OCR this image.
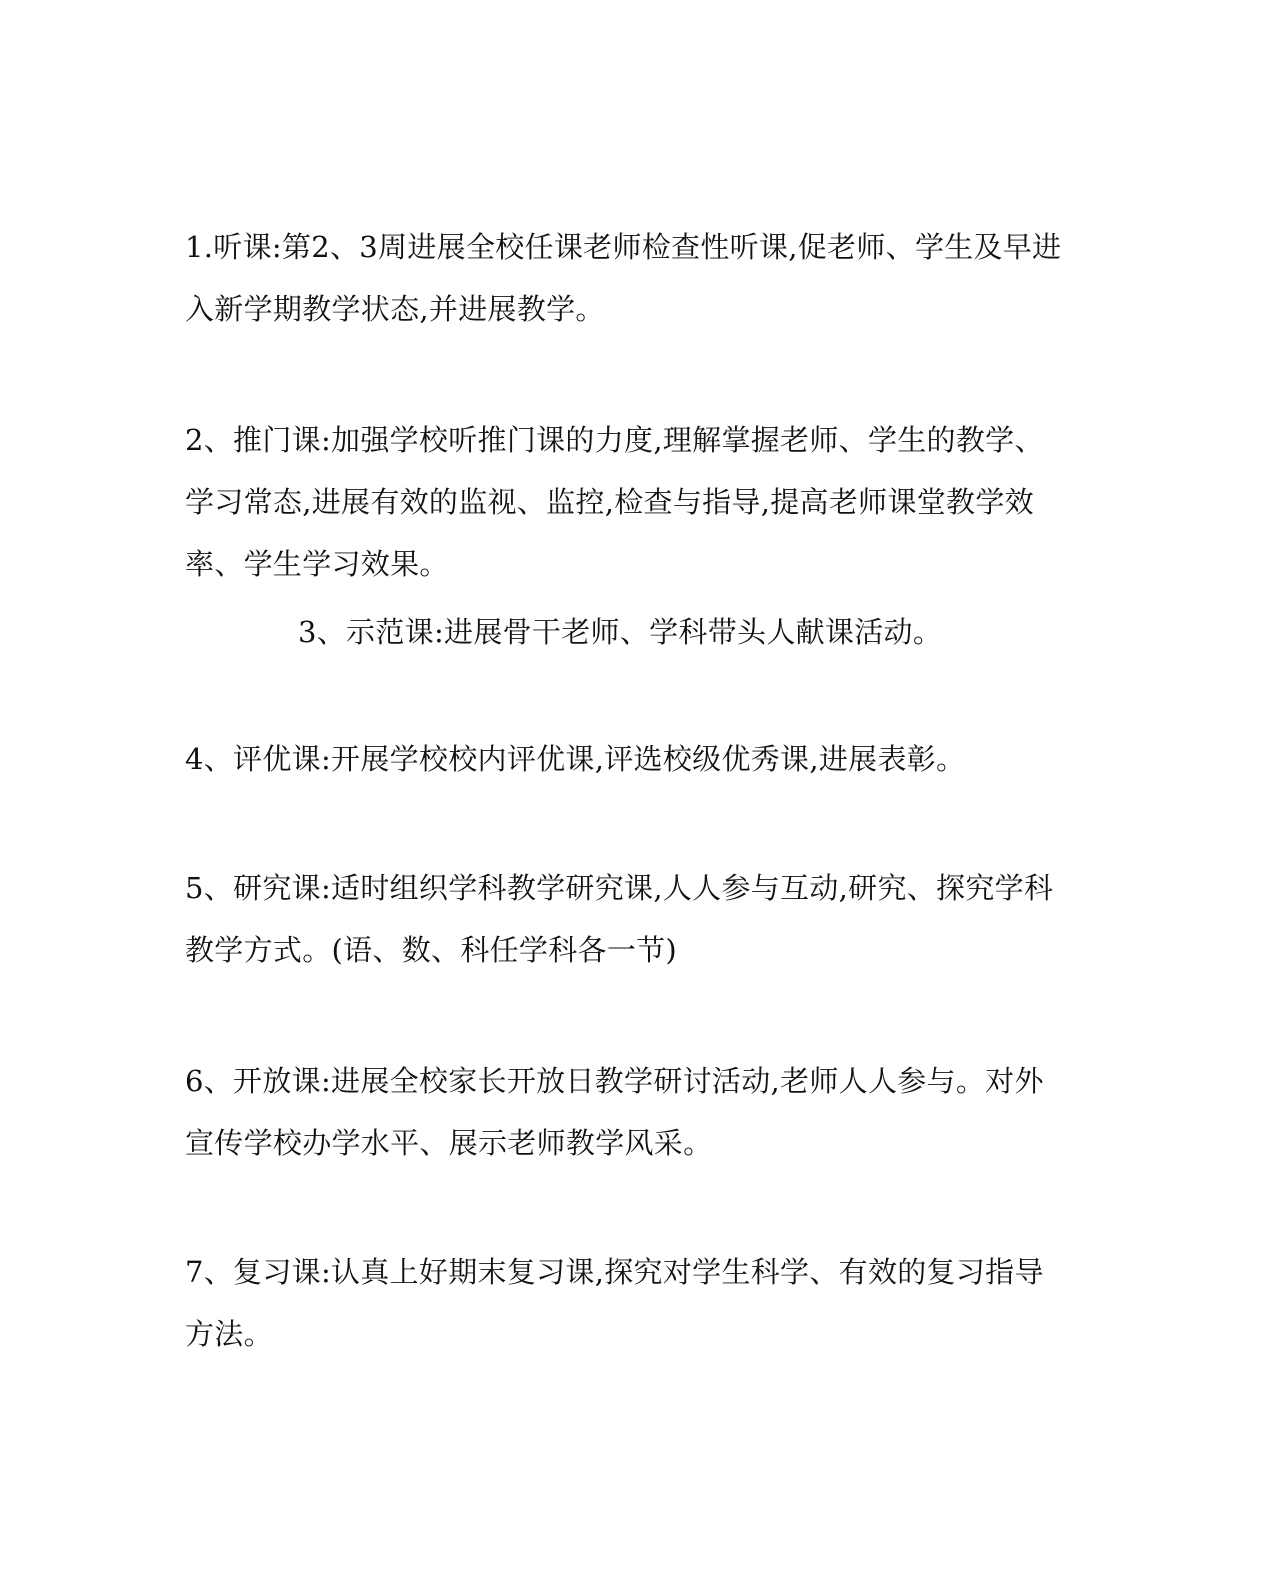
1.听课:第2、3周进展全校任课老师检查性听课,促老师、学生及早进入新学期教学状态,并进展教学。

2、推门课:加强学校听推门课的力度,理解掌握老师、学生的教学、学习常态,进展有效的监视、监控,检查与指导,提高老师课堂教学效率、学生学习效果。

3、示范课:进展骨干老师、学科带头人献课活动。

4、评优课:开展学校校内评优课,评选校级优秀课,进展表彰。

5、研究课:适时组织学科教学研究课,人人参与互动,研究、探究学科教学方式。(语、数、科任学科各一节)

6、开放课:进展全校家长开放日教学研讨活动,老师人人参与。对外宣传学校办学水平、展示老师教学风采。

7、复习课:认真上好期末复习课,探究对学生科学、有效的复习指导方法。
